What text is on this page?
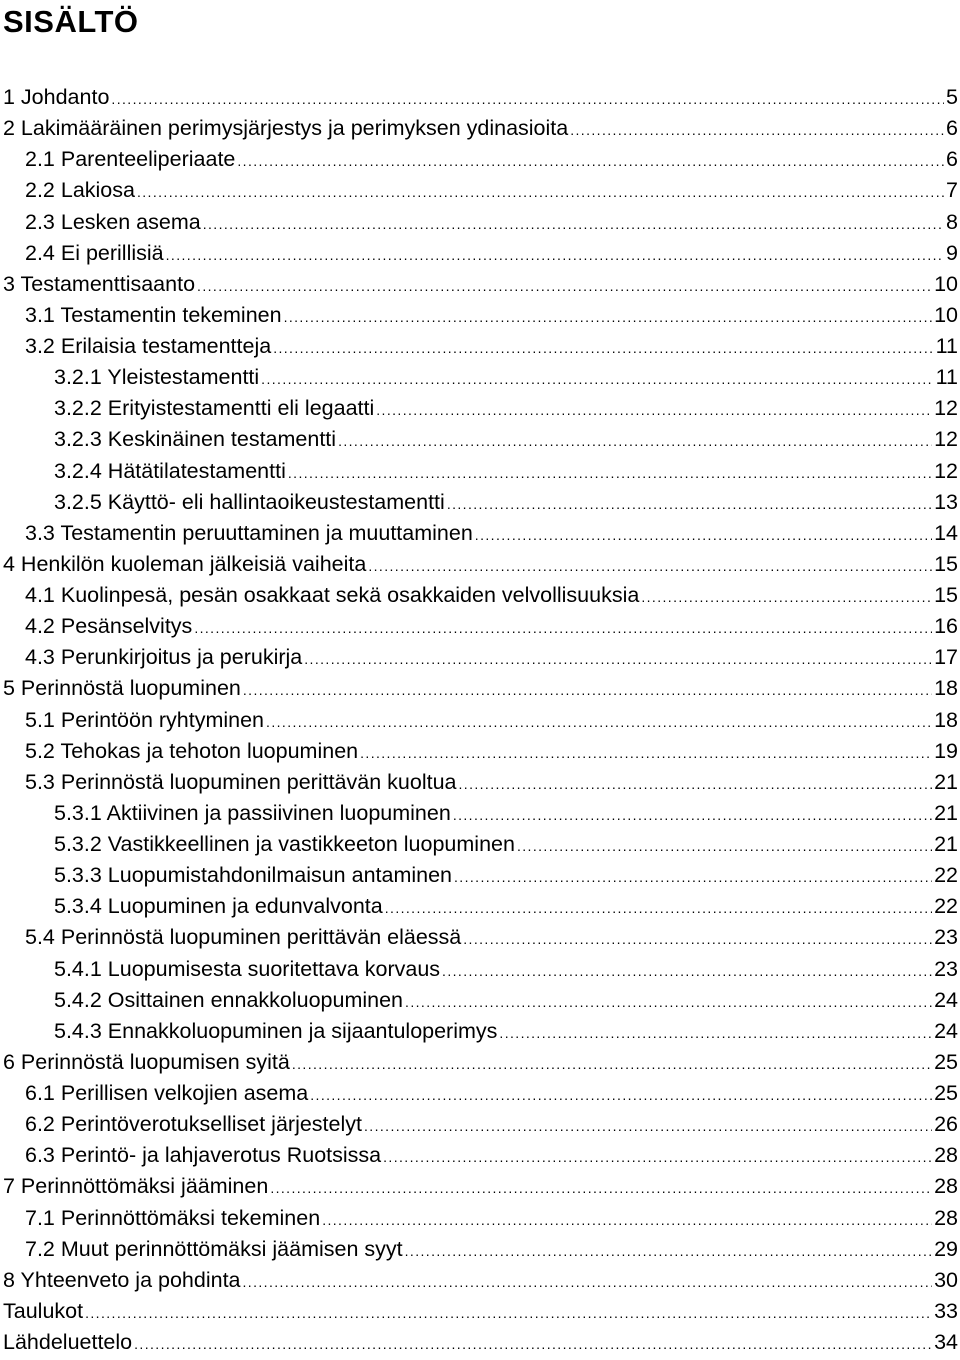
SISÄLTÖ
1 Johdanto .....	5
2 Lakimääräinen perimysjärjestys ja perimyksen ydinasioita .....	6
2.1 Parenteeliperiaate .....	6
2.2 Lakiosa .....	7
2.3 Lesken asema .....	8
2.4 Ei perillisiä .....	9
3 Testamenttisaanto .....	10
3.1 Testamentin tekeminen .....	10
3.2 Erilaisia testamentteja .....	11
3.2.1 Yleistestamentti .....	11
3.2.2 Erityistestamentti eli legaatti .....	12
3.2.3 Keskinäinen testamentti .....	12
3.2.4 Hätätilatestamentti .....	12
3.2.5 Käyttö- eli hallintaoikeustestamentti .....	13
3.3 Testamentin peruuttaminen ja muuttaminen .....	14
4 Henkilön kuoleman jälkeisiä vaiheita .....	15
4.1 Kuolinpesä, pesän osakkaat sekä osakkaiden velvollisuuksia .....	15
4.2 Pesänselvitys .....	16
4.3 Perunkirjoitus ja perukirja .....	17
5 Perinnöstä luopuminen .....	18
5.1 Perintöön ryhtyminen .....	18
5.2 Tehokas ja tehoton luopuminen .....	19
5.3 Perinnöstä luopuminen perittävän kuoltua .....	21
5.3.1 Aktiivinen ja passiivinen luopuminen .....	21
5.3.2 Vastikkeellinen ja vastikkeeton luopuminen .....	21
5.3.3 Luopumistahdonilmaisun antaminen .....	22
5.3.4 Luopuminen ja edunvalvonta .....	22
5.4 Perinnöstä luopuminen perittävän eläessä .....	23
5.4.1 Luopumisesta suoritettava korvaus .....	23
5.4.2 Osittainen ennakkoluopuminen .....	24
5.4.3 Ennakkoluopuminen ja sijaantuloperimys .....	24
6 Perinnöstä luopumisen syitä .....	25
6.1 Perillisen velkojien asema .....	25
6.2 Perintöverotukselliset järjestelyt .....	26
6.3 Perintö- ja lahjaverotus Ruotsissa .....	28
7 Perinnöttömäksi jääminen .....	28
7.1 Perinnöttömäksi tekeminen .....	28
7.2 Muut perinnöttömäksi jäämisen syyt .....	29
8 Yhteenveto ja pohdinta .....	30
Taulukot .....	33
Lähdeluettelo .....	34
